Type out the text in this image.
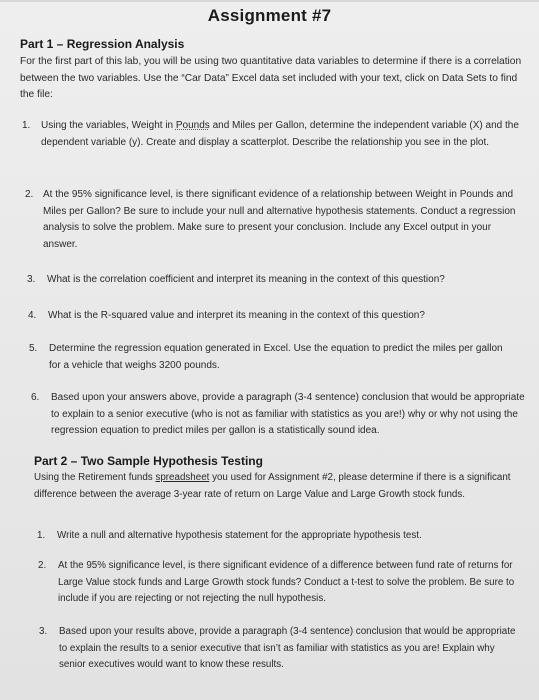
Assignment #7
Part 1 – Regression Analysis
For the first part of this lab, you will be using two quantitative data variables to determine if there is a correlation between the two variables. Use the “Car Data” Excel data set included with your text, click on Data Sets to find the file:
1.	Using the variables, Weight in Pounds and Miles per Gallon, determine the independent variable (X) and the dependent variable (y). Create and display a scatterplot. Describe the relationship you see in the plot.
2. At the 95% significance level, is there significant evidence of a relationship between Weight in Pounds and Miles per Gallon? Be sure to include your null and alternative hypothesis statements. Conduct a regression analysis to solve the problem. Make sure to present your conclusion. Include any Excel output in your answer.
3.	What is the correlation coefficient and interpret its meaning in the context of this question?
4.	What is the R-squared value and interpret its meaning in the context of this question?
5.	Determine the regression equation generated in Excel. Use the equation to predict the miles per gallon for a vehicle that weighs 3200 pounds.
6.	Based upon your answers above, provide a paragraph (3-4 sentence) conclusion that would be appropriate to explain to a senior executive (who is not as familiar with statistics as you are!) why or why not using the regression equation to predict miles per gallon is a statistically sound idea.
Part 2 – Two Sample Hypothesis Testing
Using the Retirement funds spreadsheet you used for Assignment #2, please determine if there is a significant difference between the average 3-year rate of return on Large Value and Large Growth stock funds.
1.	Write a null and alternative hypothesis statement for the appropriate hypothesis test.
2.	At the 95% significance level, is there significant evidence of a difference between fund rate of returns for Large Value stock funds and Large Growth stock funds? Conduct a t-test to solve the problem. Be sure to include if you are rejecting or not rejecting the null hypothesis.
3.	Based upon your results above, provide a paragraph (3-4 sentence) conclusion that would be appropriate to explain the results to a senior executive that isn’t as familiar with statistics as you are! Explain why senior executives would want to know these results.
